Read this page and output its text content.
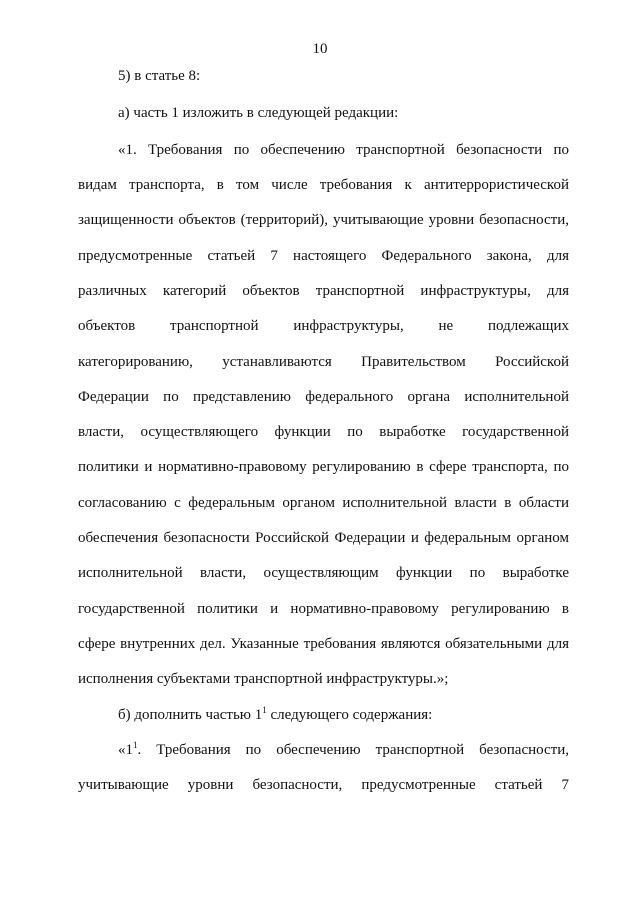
10
5) в статье 8:
а) часть 1 изложить в следующей редакции:
«1. Требования по обеспечению транспортной безопасности по
видам транспорта, в том числе требования к антитеррористической
защищенности объектов (территорий), учитывающие уровни безопасности,
предусмотренные статьей 7 настоящего Федерального закона, для
различных категорий объектов транспортной инфраструктуры, для
объектов транспортной инфраструктуры, не подлежащих
категорированию, устанавливаются Правительством Российской
Федерации по представлению федерального органа исполнительной
власти, осуществляющего функции по выработке государственной
политики и нормативно-правовому регулированию в сфере транспорта, по
согласованию с федеральным органом исполнительной власти в области
обеспечения безопасности Российской Федерации и федеральным органом
исполнительной власти, осуществляющим функции по выработке
государственной политики и нормативно-правовому регулированию в
сфере внутренних дел. Указанные требования являются обязательными для
исполнения субъектами транспортной инфраструктуры.»;
б) дополнить частью $1^1$ следующего содержания:
«$1^1$. Требования по обеспечению транспортной безопасности,
учитывающие уровни безопасности, предусмотренные статьей 7
